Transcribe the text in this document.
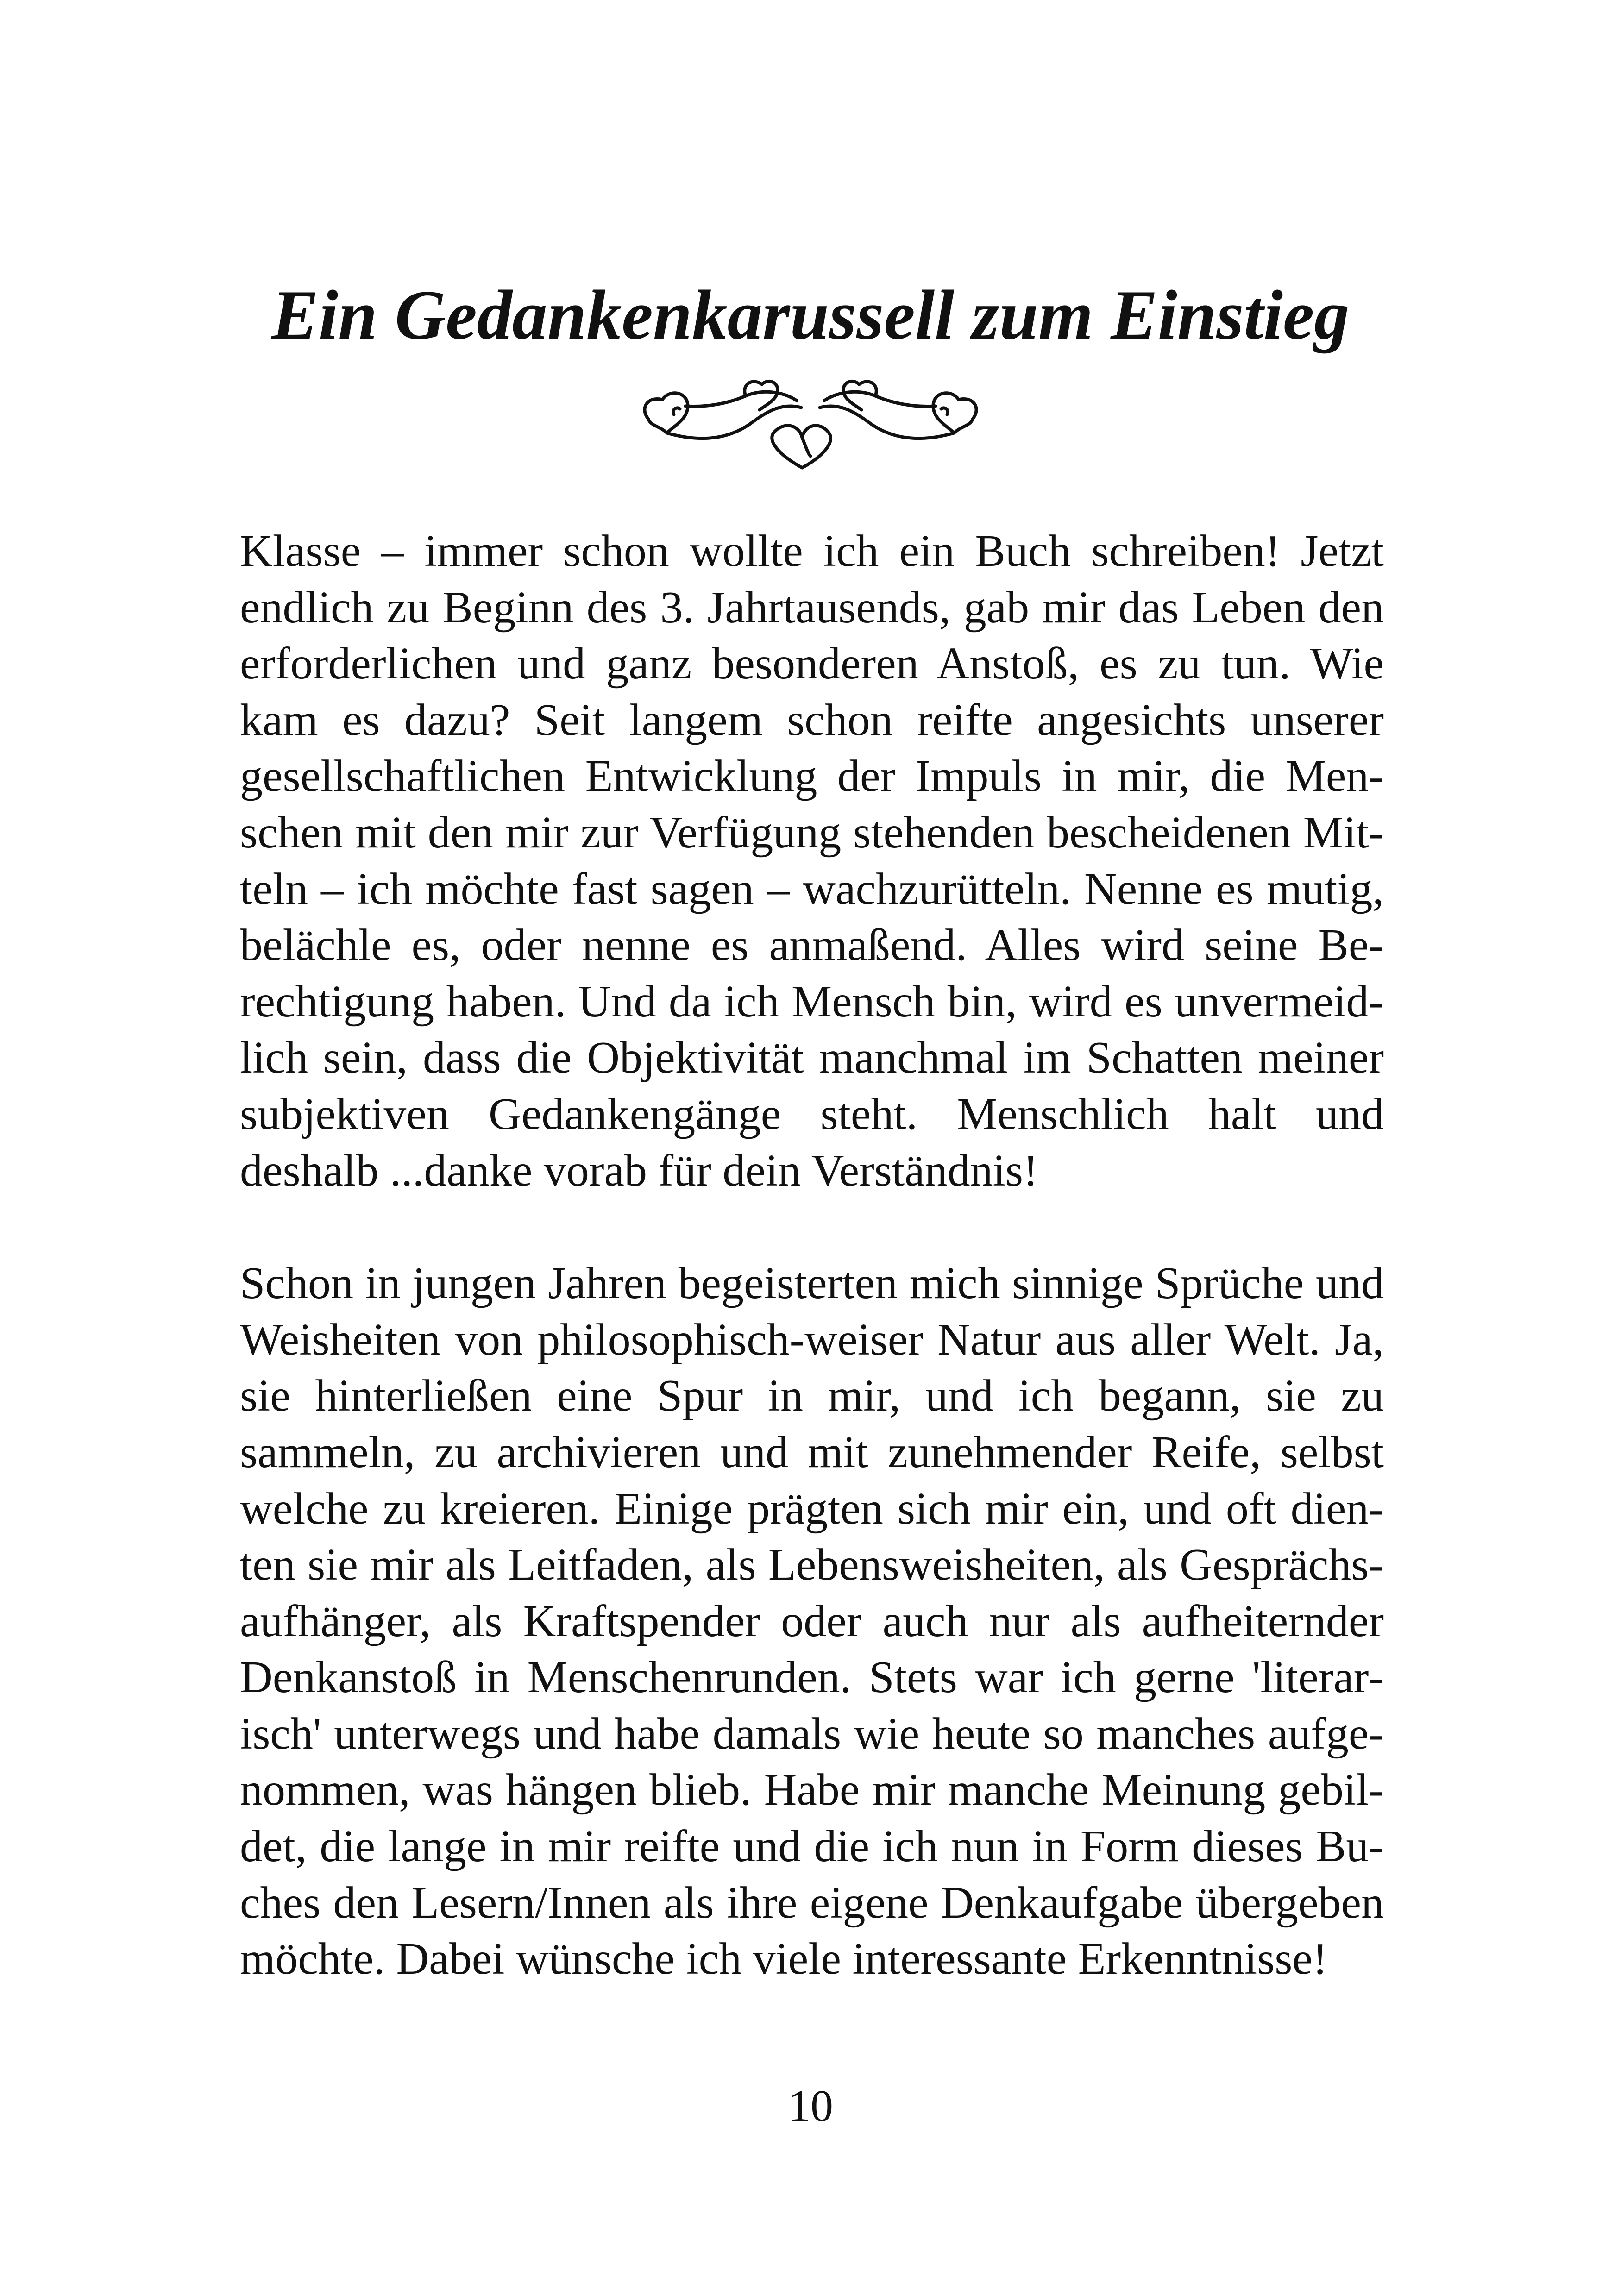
Ein Gedankenkarussell zum Einstieg

Klasse – immer schon wollte ich ein Buch schreiben! Jetzt endlich zu Beginn des 3. Jahrtausends, gab mir das Leben den erforderlichen und ganz besonderen Anstoß, es zu tun. Wie kam es dazu? Seit langem schon reifte angesichts unserer gesellschaftlichen Entwicklung der Impuls in mir, die Menschen mit den mir zur Verfügung stehenden bescheidenen Mitteln – ich möchte fast sagen – wachzurütteln. Nenne es mutig, belächle es, oder nenne es anmaßend. Alles wird seine Berechtigung haben. Und da ich Mensch bin, wird es unvermeidlich sein, dass die Objektivität manchmal im Schatten meiner subjektiven Gedankengänge steht. Menschlich halt und deshalb ...danke vorab für dein Verständnis!

Schon in jungen Jahren begeisterten mich sinnige Sprüche und Weisheiten von philosophisch-weiser Natur aus aller Welt. Ja, sie hinterließen eine Spur in mir, und ich begann, sie zu sammeln, zu archivieren und mit zunehmender Reife, selbst welche zu kreieren. Einige prägten sich mir ein, und oft dienten sie mir als Leitfaden, als Lebensweisheiten, als Gesprächsaufhänger, als Kraftspender oder auch nur als aufheiternder Denkanstoß in Menschenrunden. Stets war ich gerne 'literarisch' unterwegs und habe damals wie heute so manches aufgenommen, was hängen blieb. Habe mir manche Meinung gebildet, die lange in mir reifte und die ich nun in Form dieses Buches den Lesern/Innen als ihre eigene Denkaufgabe übergeben möchte. Dabei wünsche ich viele interessante Erkenntnisse!

10
